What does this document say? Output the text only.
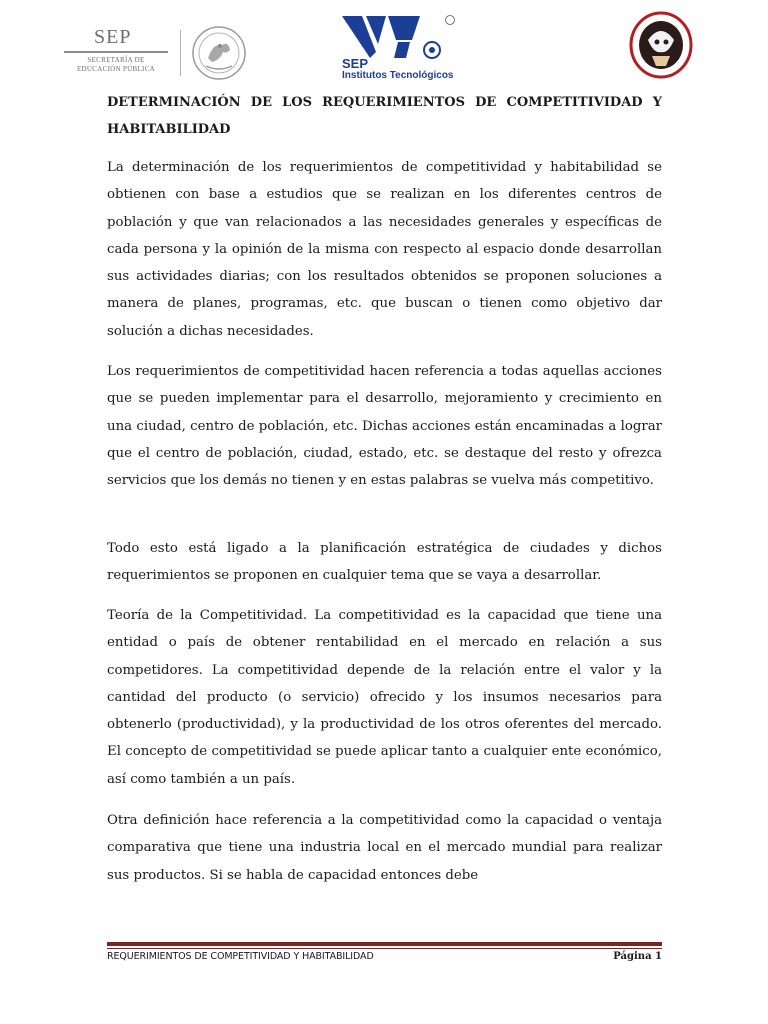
SEP
SECRETARÍA DE
EDUCACIÓN PÚBLICA	SEP
Institutos Tecnológicos
DETERMINACIÓN DE LOS REQUERIMIENTOS DE COMPETITIVIDAD Y HABITABILIDAD

La determinación de los requerimientos de competitividad y habitabilidad se obtienen con base a estudios que se realizan en los diferentes centros de población y que van relacionados a las necesidades generales y específicas de cada persona y la opinión de la misma con respecto al espacio donde desarrollan sus actividades diarias; con los resultados obtenidos se proponen soluciones a manera de planes, programas, etc. que buscan o tienen como objetivo dar solución a dichas necesidades.

Los requerimientos de competitividad hacen referencia a todas aquellas acciones que se pueden implementar para el desarrollo, mejoramiento y crecimiento en una ciudad, centro de población, etc. Dichas acciones están encaminadas a lograr que el centro de población, ciudad, estado, etc. se destaque del resto y ofrezca servicios que los demás no tienen y en estas palabras se vuelva más competitivo.

Todo esto está ligado a la planificación estratégica de ciudades y dichos requerimientos se proponen en cualquier tema que se vaya a desarrollar.

Teoría de la Competitividad. La competitividad es la capacidad que tiene una entidad o país de obtener rentabilidad en el mercado en relación a sus competidores. La competitividad depende de la relación entre el valor y la cantidad del producto (o servicio) ofrecido y los insumos necesarios para obtenerlo (productividad), y la productividad de los otros oferentes del mercado. El concepto de competitividad se puede aplicar tanto a cualquier ente económico, así como también a un país.

Otra definición hace referencia a la competitividad como la capacidad o ventaja comparativa que tiene una industria local en el mercado mundial para realizar sus productos. Si se habla de capacidad entonces debe

REQUERIMIENTOS DE COMPETITIVIDAD Y HABITABILIDAD	Página 1
